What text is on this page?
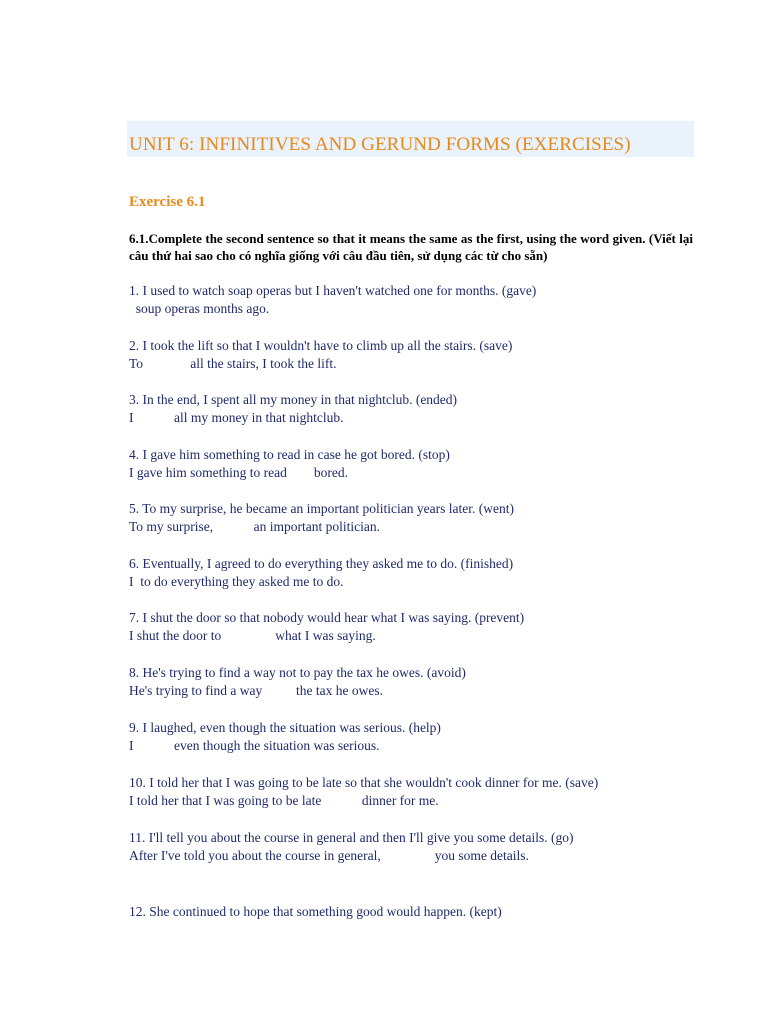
UNIT 6: INFINITIVES AND GERUND FORMS (EXERCISES)
Exercise 6.1
6.1.Complete the second sentence so that it means the same as the first, using the word given. (Viết lại câu thứ hai sao cho có nghĩa giống với câu đầu tiên, sử dụng các từ cho sẵn)
1. I used to watch soap operas but I haven't watched one for months. (gave)
soup operas months ago.
2. I took the lift so that I wouldn't have to climb up all the stairs. (save)
To              all the stairs, I took the lift.
3. In the end, I spent all my money in that nightclub. (ended)
I            all my money in that nightclub.
4. I gave him something to read in case he got bored. (stop)
I gave him something to read        bored.
5. To my surprise, he became an important politician years later. (went)
To my surprise,            an important politician.
6. Eventually, I agreed to do everything they asked me to do. (finished)
I  to do everything they asked me to do.
7. I shut the door so that nobody would hear what I was saying. (prevent)
I shut the door to                what I was saying.
8. He's trying to find a way not to pay the tax he owes. (avoid)
He's trying to find a way          the tax he owes.
9. I laughed, even though the situation was serious. (help)
I            even though the situation was serious.
10. I told her that I was going to be late so that she wouldn't cook dinner for me. (save)
I told her that I was going to be late            dinner for me.
11. I'll tell you about the course in general and then I'll give you some details. (go)
After I've told you about the course in general,                you some details.
12. She continued to hope that something good would happen. (kept)
